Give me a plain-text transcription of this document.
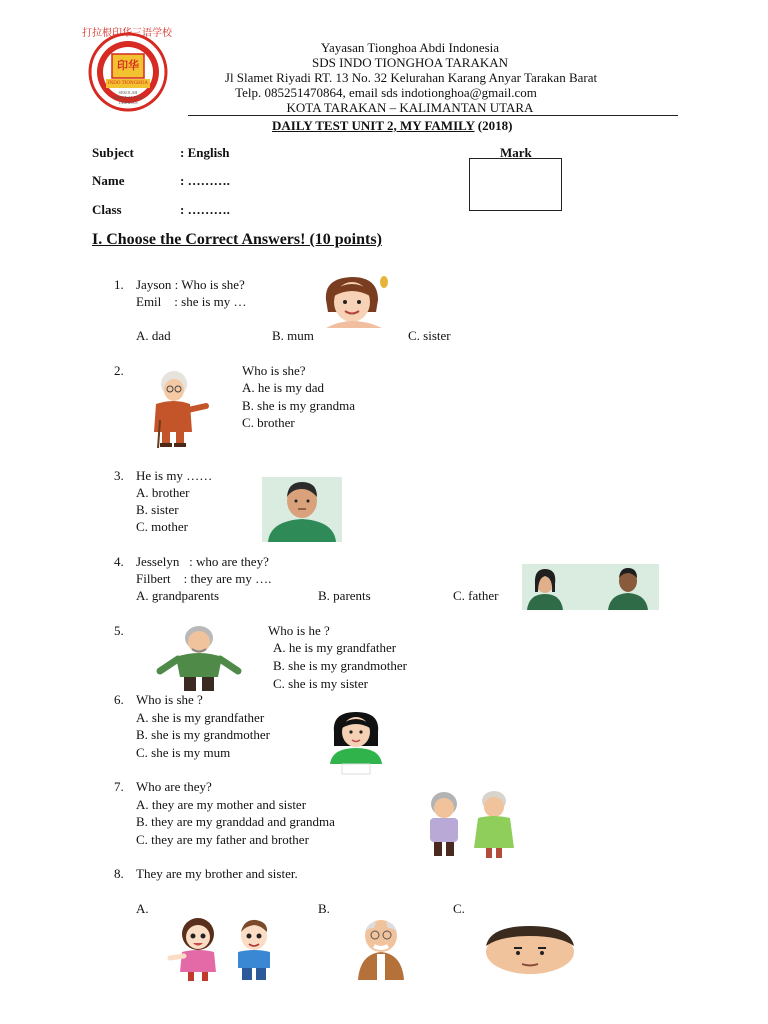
打拉根印华三语学校
印华
INDO TIONGHOA
SEKOLAH NASIONAL PLUS TARAKAN
Yayasan Tionghoa Abdi Indonesia
SDS INDO TIONGHOA TARAKAN
Jl Slamet Riyadi RT. 13 No. 32 Kelurahan Karang Anyar Tarakan Barat
Telp. 085251470864, email sds indotionghoa@gmail.com
KOTA TARAKAN – KALIMANTAN UTARA
DAILY TEST UNIT 2, MY FAMILY (2018)
Subject	: English
Name	: ……….
Class	: ……….
Mark
I. Choose the Correct Answers! (10 points)
1. Jayson : Who is she?
Emil    : she is my …
A. dad	B. mum	C. sister
2.	Who is she?
A. he is my dad
B. she is my grandma
C. brother
3. He is my ……
A. brother
B. sister
C. mother
4. Jesselyn   : who are they?
Filbert    : they are my ….
A. grandparents	B. parents	C. father
5.	Who is he ?
A. he is my grandfather
B. she is my grandmother
C. she is my sister
6. Who is she ?
A. she is my grandfather
B. she is my grandmother
C. she is my mum
7. Who are they?
A. they are my mother and sister
B. they are my granddad and grandma
C. they are my father and brother
8. They are my brother and sister.
A.	B.	C.
